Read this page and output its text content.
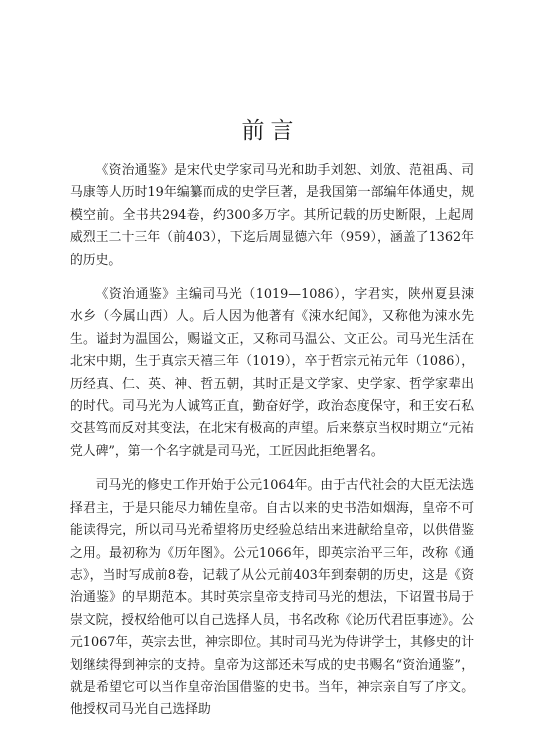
前言

《资治通鉴》是宋代史学家司马光和助手刘恕、刘攽、范祖禹、司马康等人历时19年编纂而成的史学巨著，是我国第一部编年体通史，规模空前。全书共294卷，约300多万字。其所记载的历史断限，上起周威烈王二十三年（前403），下迄后周显德六年（959），涵盖了1362年的历史。

《资治通鉴》主编司马光（1019—1086），字君实，陕州夏县涑水乡（今属山西）人。后人因为他著有《涑水纪闻》，又称他为涑水先生。谥封为温国公，赐谥文正，又称司马温公、文正公。司马光生活在北宋中期，生于真宗天禧三年（1019），卒于哲宗元祐元年（1086），历经真、仁、英、神、哲五朝，其时正是文学家、史学家、哲学家辈出的时代。司马光为人诚笃正直，勤奋好学，政治态度保守，和王安石私交甚笃而反对其变法，在北宋有极高的声望。后来蔡京当权时期立“元祐党人碑”，第一个名字就是司马光，工匠因此拒绝署名。

司马光的修史工作开始于公元1064年。由于古代社会的大臣无法选择君主，于是只能尽力辅佐皇帝。自古以来的史书浩如烟海，皇帝不可能读得完，所以司马光希望将历史经验总结出来进献给皇帝，以供借鉴之用。最初称为《历年图》。公元1066年，即英宗治平三年，改称《通志》，当时写成前8卷，记载了从公元前403年到秦朝的历史，这是《资治通鉴》的早期范本。其时英宗皇帝支持司马光的想法，下诏置书局于崇文院，授权给他可以自己选择人员，书名改称《论历代君臣事迹》。公元1067年，英宗去世，神宗即位。其时司马光为侍讲学士，其修史的计划继续得到神宗的支持。皇帝为这部还未写成的史书赐名“资治通鉴”，就是希望它可以当作皇帝治国借鉴的史书。当年，神宗亲自写了序文。他授权司马光自己选择助
